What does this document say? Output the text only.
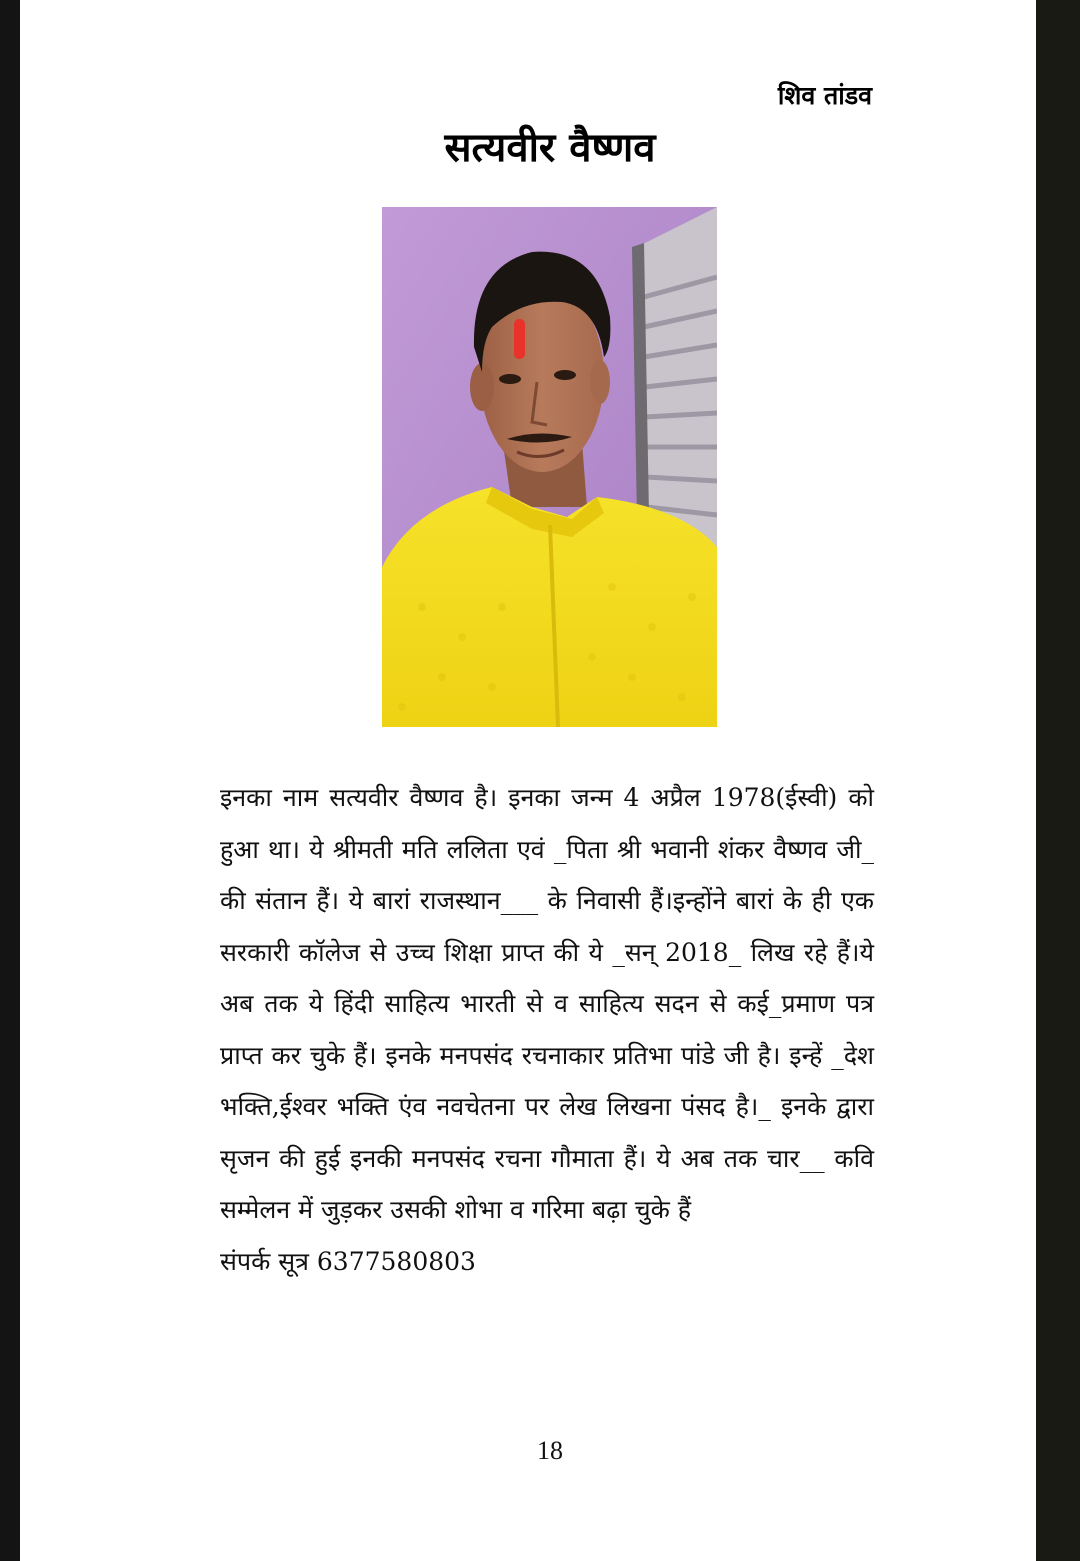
शिव तांडव

सत्यवीर वैष्णव

इनका नाम सत्यवीर वैष्णव है। इनका जन्म 4 अप्रैल 1978(ईस्वी) को हुआ था। ये श्रीमती मति ललिता एवं _पिता श्री भवानी शंकर वैष्णव जी_ की संतान हैं। ये बारां राजस्थान___ के निवासी हैं।इन्होंने बारां के ही एक सरकारी कॉलेज से उच्च शिक्षा प्राप्त की ये _सन् 2018_ लिख रहे हैं।ये अब तक ये हिंदी साहित्य भारती से व साहित्य सदन से कई_प्रमाण पत्र प्राप्त कर चुके हैं। इनके मनपसंद रचनाकार प्रतिभा पांडे जी है। इन्हें _देश भक्ति,ईश्वर भक्ति एंव नवचेतना पर लेख लिखना पंसद है।_ इनके द्वारा सृजन की हुई इनकी मनपसंद रचना गौमाता हैं। ये अब तक चार__ कवि सम्मेलन में जुड़कर उसकी शोभा व गरिमा बढ़ा चुके हैं

संपर्क सूत्र 6377580803

18
